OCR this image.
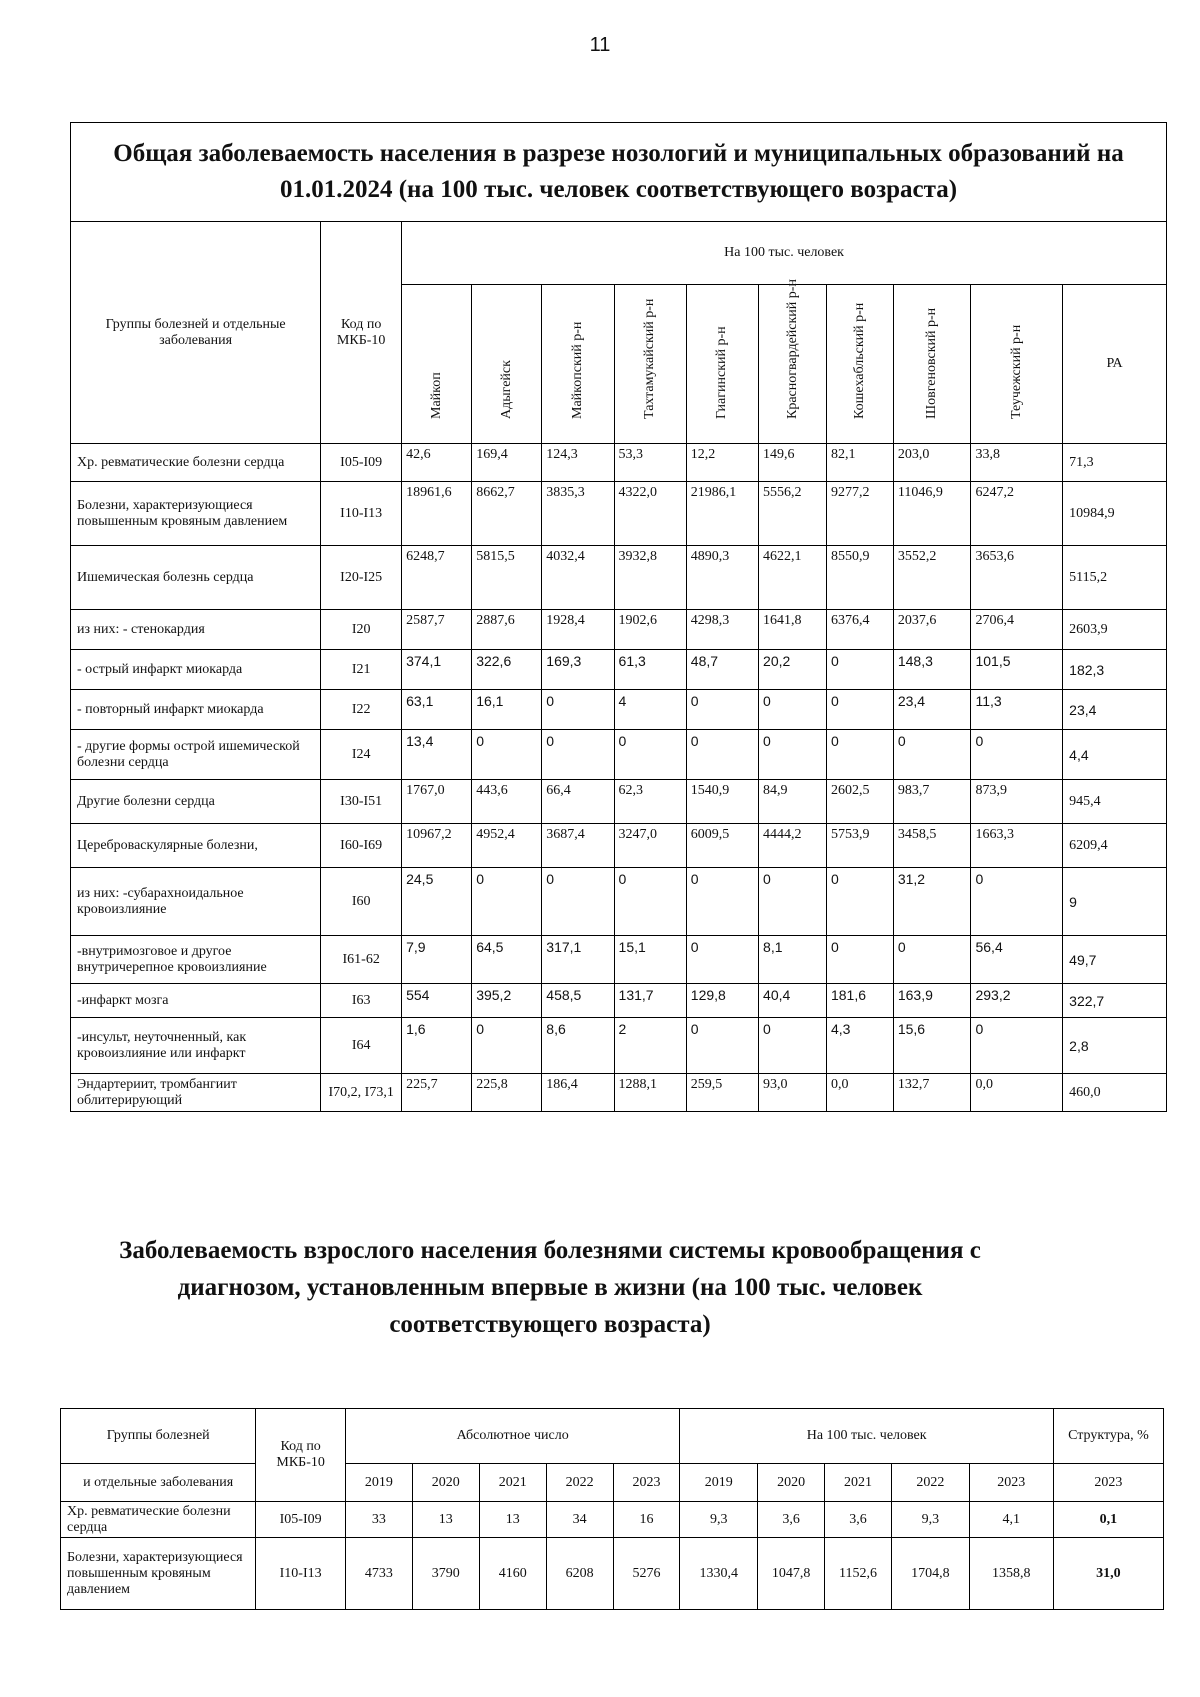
11
Общая заболеваемость населения в разрезе нозологий и муниципальных образований на 01.01.2024 (на 100 тыс. человек соответствующего возраста)											
Группы болезней и отдельные заболевания	Код по МКБ-10	На 100 тыс. человек									

		Майкоп	Адыгейск	Майкопский р-н	Тахтамукайский р-н	Гиагинский р-н	Красногвардейский р-н	Кошехабльский р-н	Шовгеновский р-н	Теучежский р-н	РА
Хр. ревматические болезни сердца	I05-I09	42,6	169,4	124,3	53,3	12,2	149,6	82,1	203,0	33,8	71,3
Болезни, характеризующиеся повышенным кровяным давлением	I10-I13	18961,6	8662,7	3835,3	4322,0	21986,1	5556,2	9277,2	11046,9	6247,2	10984,9
Ишемическая болезнь сердца	I20-I25	6248,7	5815,5	4032,4	3932,8	4890,3	4622,1	8550,9	3552,2	3653,6	5115,2
из них: - стенокардия	I20	2587,7	2887,6	1928,4	1902,6	4298,3	1641,8	6376,4	2037,6	2706,4	2603,9
- острый инфаркт миокарда	I21	374,1	322,6	169,3	61,3	48,7	20,2	0	148,3	101,5	182,3
- повторный инфаркт миокарда	I22	63,1	16,1	0	4	0	0	0	23,4	11,3	23,4
- другие формы острой ишемической болезни сердца	I24	13,4	0	0	0	0	0	0	0	0	4,4
Другие болезни сердца	I30-I51	1767,0	443,6	66,4	62,3	1540,9	84,9	2602,5	983,7	873,9	945,4
Цереброваскулярные болезни,	I60-I69	10967,2	4952,4	3687,4	3247,0	6009,5	4444,2	5753,9	3458,5	1663,3	6209,4
из них: -субарахноидальное кровоизлияние	I60	24,5	0	0	0	0	0	0	31,2	0	9
-внутримозговое и другое внутричерепное кровоизлияние	I61-62	7,9	64,5	317,1	15,1	0	8,1	0	0	56,4	49,7
-инфаркт мозга	I63	554	395,2	458,5	131,7	129,8	40,4	181,6	163,9	293,2	322,7
-инсульт, неуточненный, как кровоизлияние или инфаркт	I64	1,6	0	8,6	2	0	0	4,3	15,6	0	2,8
Эндартериит, тромбангиит облитерирующий	I70,2, I73,1	225,7	225,8	186,4	1288,1	259,5	93,0	0,0	132,7	0,0	460,0
Заболеваемость взрослого населения болезнями системы кровообращения с диагнозом, установленным впервые в жизни (на 100 тыс. человек соответствующего возраста)
Группы болезней	Код по МКБ-10	Абсолютное число					На 100 тыс. человек					Структура, %
и отдельные заболевания		2019	2020	2021	2022	2023	2019	2020	2021	2022	2023	2023
Хр. ревматические болезни сердца	I05-I09	33	13	13	34	16	9,3	3,6	3,6	9,3	4,1	0,1
Болезни, характеризующиеся повышенным кровяным давлением	I10-I13	4733	3790	4160	6208	5276	1330,4	1047,8	1152,6	1704,8	1358,8	31,0
